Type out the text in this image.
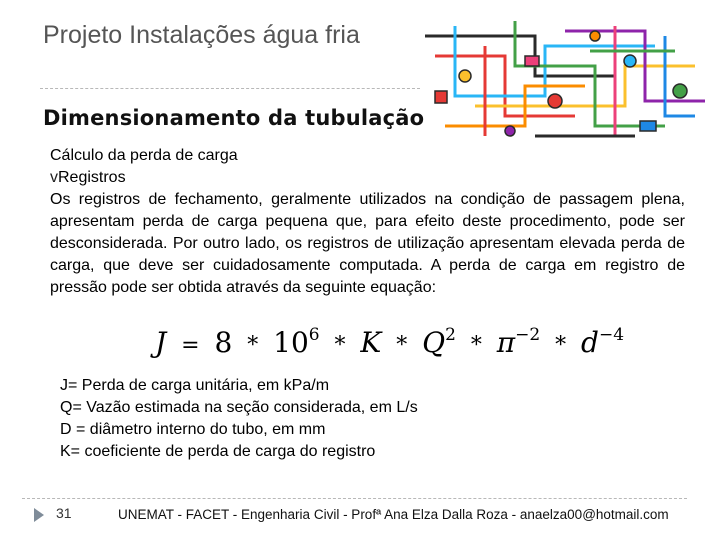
Projeto Instalações água fria
Dimensionamento da tubulação

Cálculo da perda de carga

vRegistros

Os registros de fechamento, geralmente utilizados na condição de passagem plena, apresentam perda de carga pequena que, para efeito deste procedimento, pode ser desconsiderada. Por outro lado, os registros de utilização apresentam elevada perda de carga, que deve ser cuidadosamente computada. A perda de carga em registro de pressão pode ser obtida através da seguinte equação:

$J = 8 * 10^6 * K * Q^2 * \pi^{-2} * d^{-4}$

J= Perda de carga unitária, em kPa/m

Q= Vazão estimada na seção considerada, em L/s

D = diâmetro interno do tubo, em mm

K= coeficiente de perda de carga do registro

31	UNEMAT - FACET - Engenharia Civil - Profª Ana Elza Dalla Roza - anaelza00@hotmail.com
